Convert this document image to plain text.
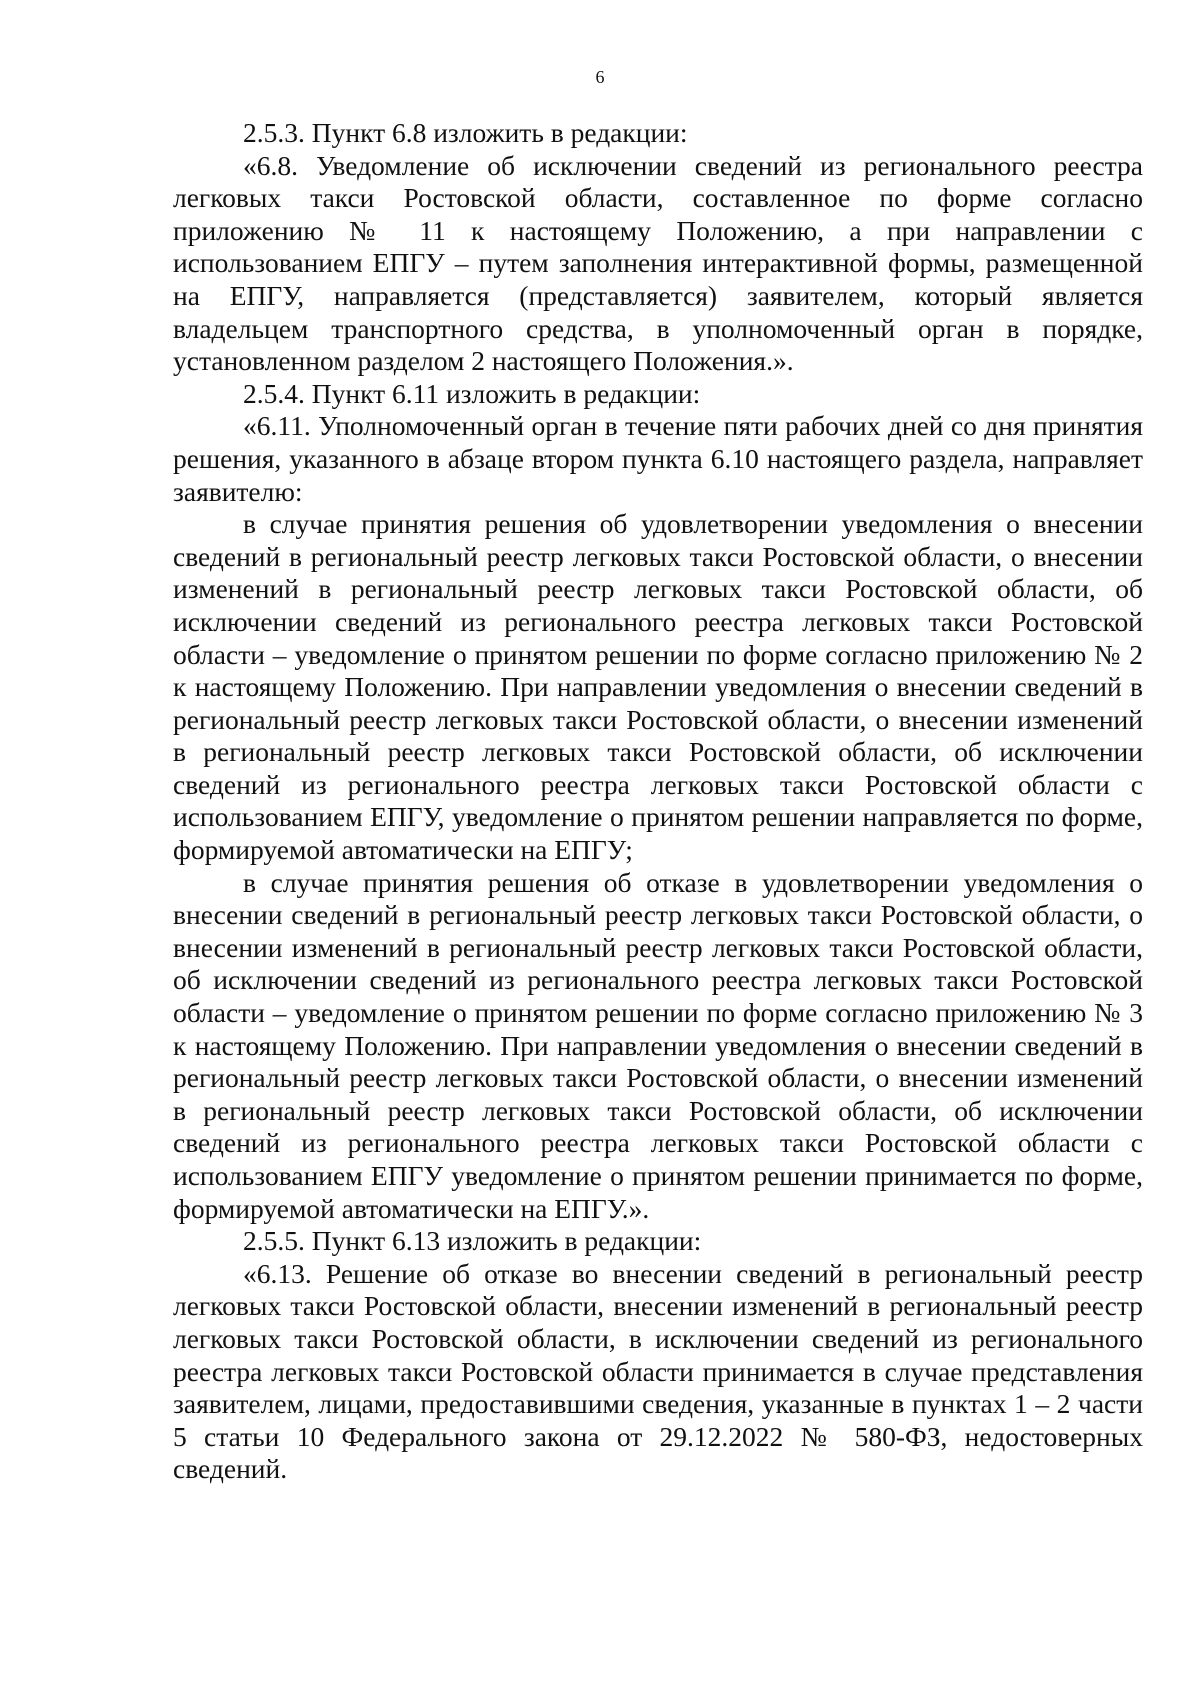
6

2.5.3. Пункт 6.8 изложить в редакции:

«6.8. Уведомление об исключении сведений из регионального реестра легковых такси Ростовской области, составленное по форме согласно приложению № 11 к настоящему Положению, а при направлении с использованием ЕПГУ – путем заполнения интерактивной формы, размещенной на ЕПГУ, направляется (представляется) заявителем, который является владельцем транспортного средства, в уполномоченный орган в порядке, установленном разделом 2 настоящего Положения.».

2.5.4. Пункт 6.11 изложить в редакции:

«6.11. Уполномоченный орган в течение пяти рабочих дней со дня принятия решения, указанного в абзаце втором пункта 6.10 настоящего раздела, направляет заявителю:

в случае принятия решения об удовлетворении уведомления о внесении сведений в региональный реестр легковых такси Ростовской области, о внесении изменений в региональный реестр легковых такси Ростовской области, об исключении сведений из регионального реестра легковых такси Ростовской области – уведомление о принятом решении по форме согласно приложению № 2 к настоящему Положению. При направлении уведомления о внесении сведений в региональный реестр легковых такси Ростовской области, о внесении изменений в региональный реестр легковых такси Ростовской области, об исключении сведений из регионального реестра легковых такси Ростовской области с использованием ЕПГУ, уведомление о принятом решении направляется по форме, формируемой автоматически на ЕПГУ;

в случае принятия решения об отказе в удовлетворении уведомления о внесении сведений в региональный реестр легковых такси Ростовской области, о внесении изменений в региональный реестр легковых такси Ростовской области, об исключении сведений из регионального реестра легковых такси Ростовской области – уведомление о принятом решении по форме согласно приложению № 3 к настоящему Положению. При направлении уведомления о внесении сведений в региональный реестр легковых такси Ростовской области, о внесении изменений в региональный реестр легковых такси Ростовской области, об исключении сведений из регионального реестра легковых такси Ростовской области с использованием ЕПГУ уведомление о принятом решении принимается по форме, формируемой автоматически на ЕПГУ.».

2.5.5. Пункт 6.13 изложить в редакции:

«6.13. Решение об отказе во внесении сведений в региональный реестр легковых такси Ростовской области, внесении изменений в региональный реестр легковых такси Ростовской области, в исключении сведений из регионального реестра легковых такси Ростовской области принимается в случае представления заявителем, лицами, предоставившими сведения, указанные в пунктах 1 – 2 части 5 статьи 10 Федерального закона от 29.12.2022 № 580-ФЗ, недостоверных сведений.
